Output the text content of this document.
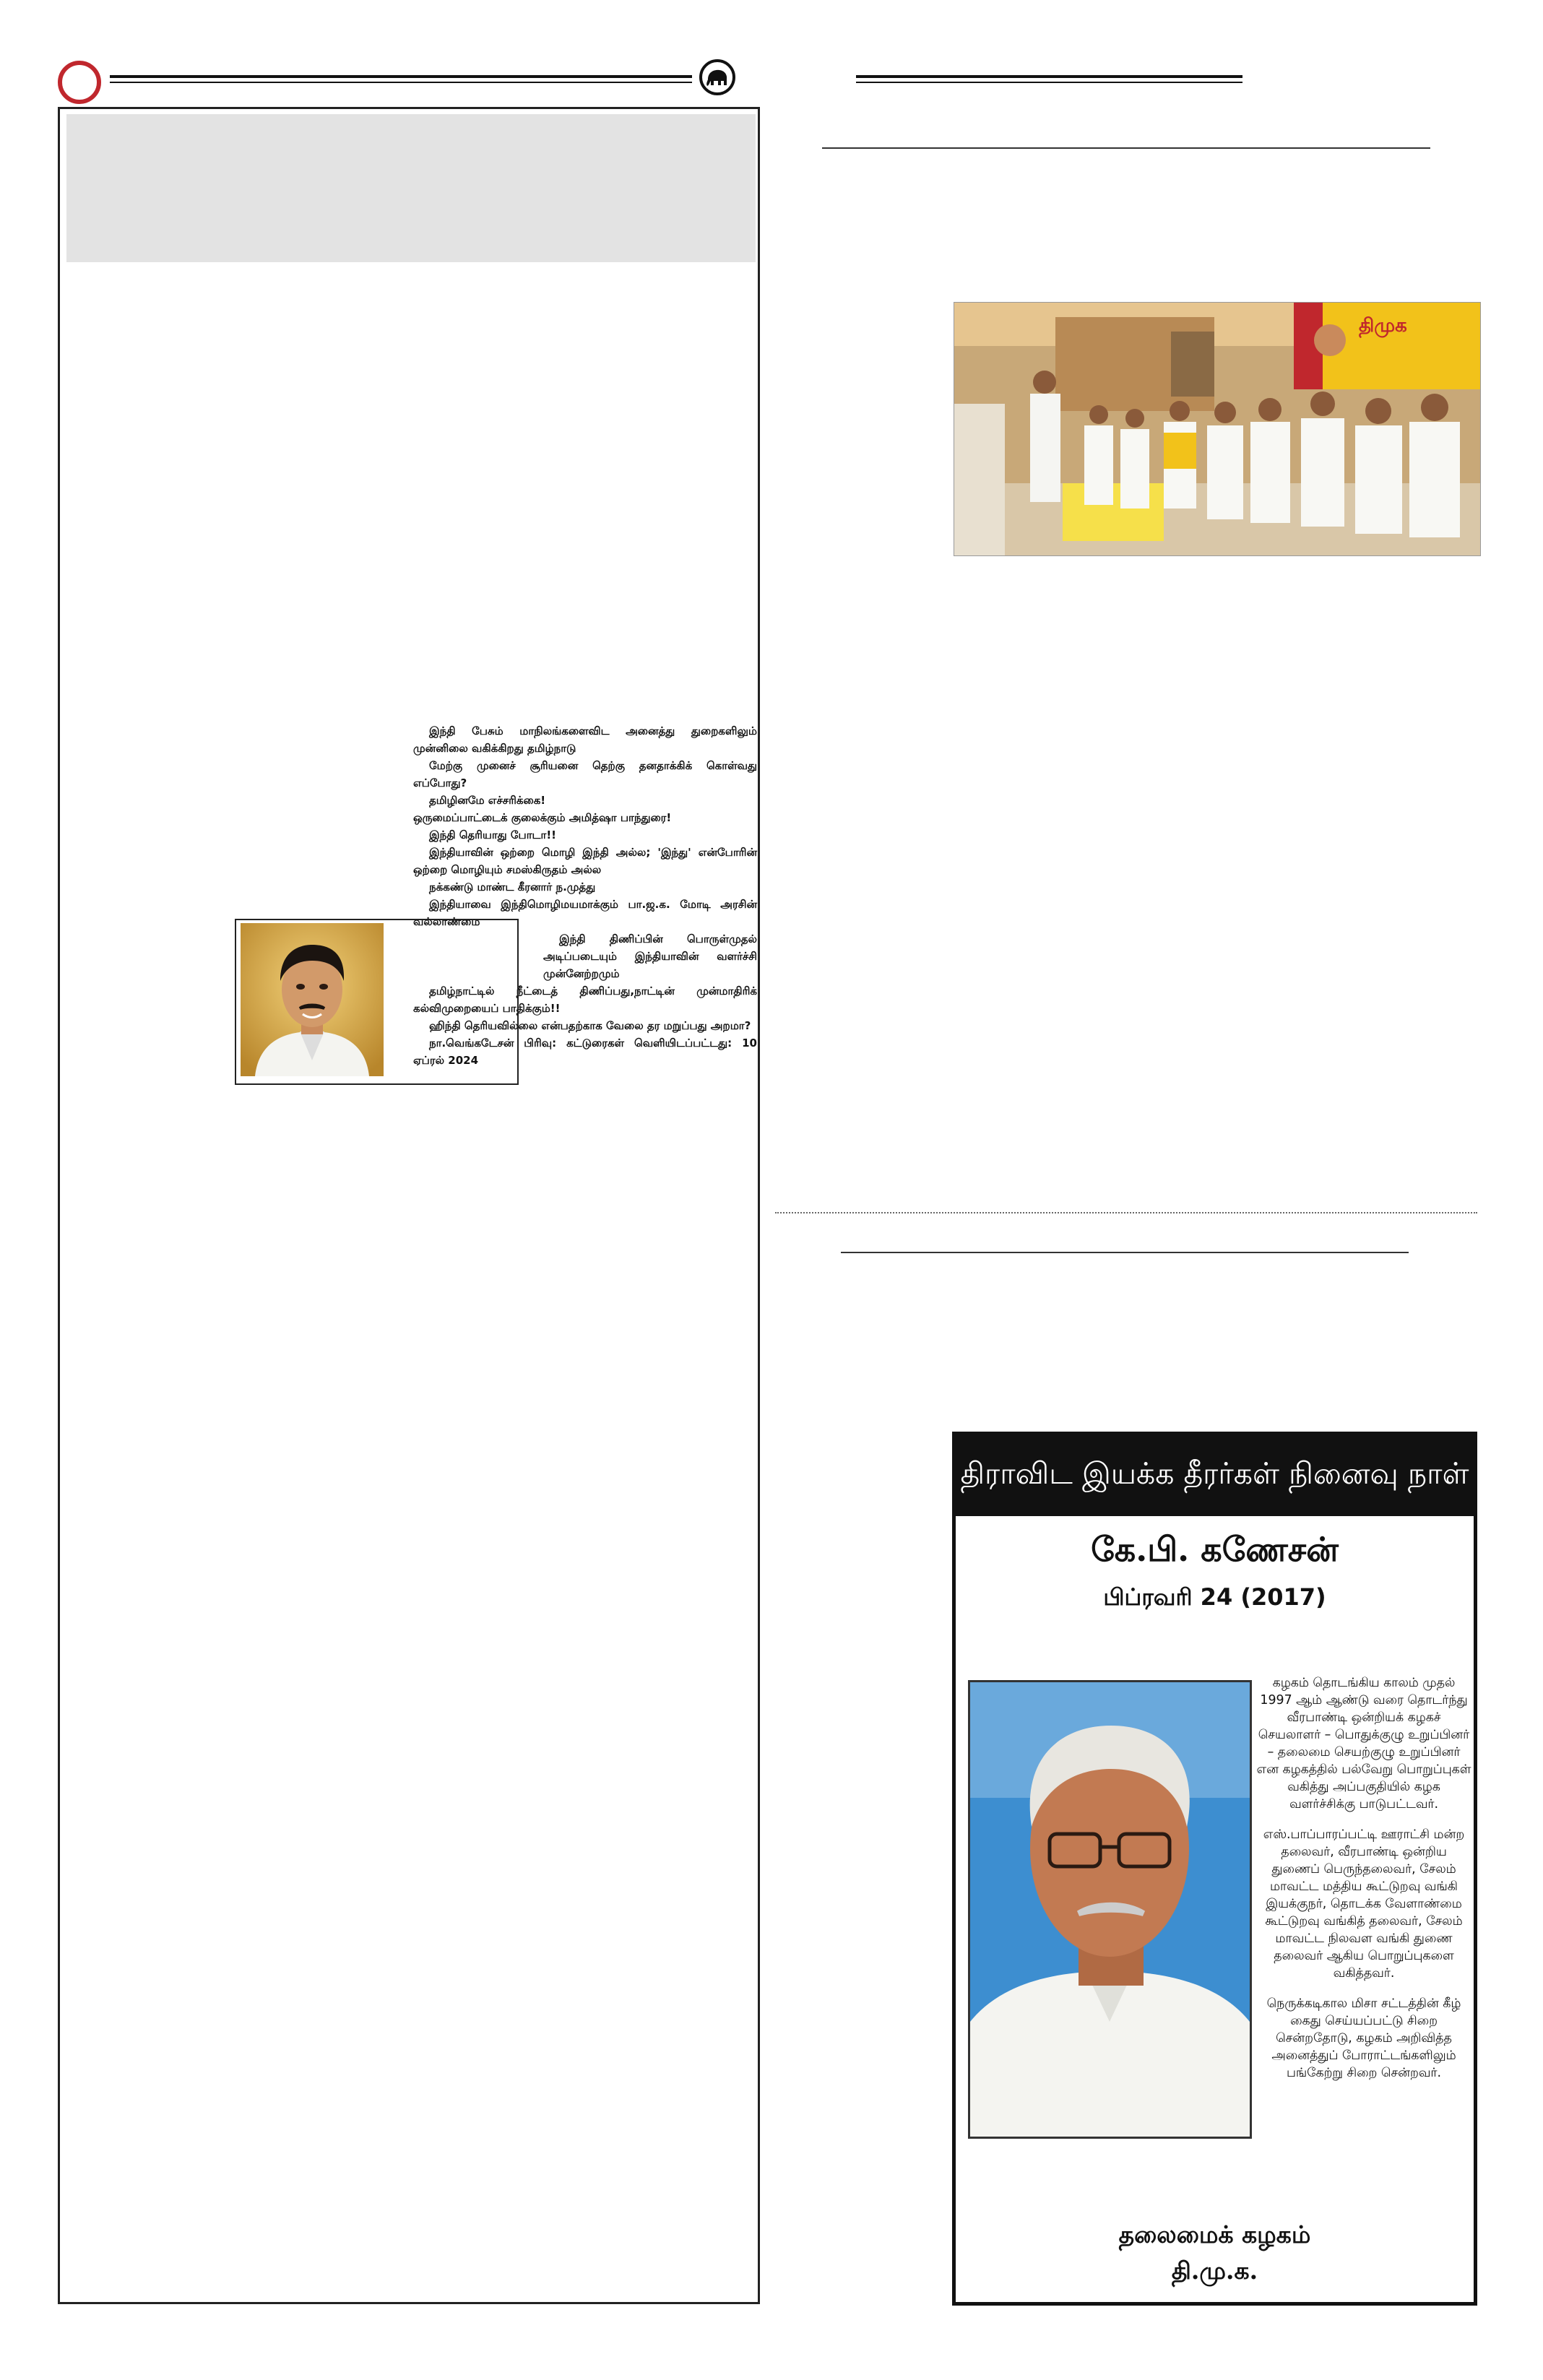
இந்தி பேசும் மாநிலங்களைவிட அனைத்து துறைகளிலும் முன்னிலை வகிக்கிறது தமிழ்நாடு

மேற்கு முனைச் சூரியனை தெற்கு தனதாக்கிக் கொள்வது எப்போது?

தமிழினமே எச்சரிக்கை!

ஒருமைப்பாட்டைக் குலைக்கும் அமித்ஷா பாந்துரை!

இந்தி தெரியாது போடா!!

இந்தியாவின் ஒற்றை மொழி இந்தி அல்ல; 'இந்து' என்போரின் ஒற்றை மொழியும் சமஸ்கிருதம் அல்ல

நக்கண்டு மாண்ட கீரனார் ந.முத்து

இந்தியாவை இந்திமொழிமயமாக்கும் பா.ஜ.க. மோடி அரசின் வல்லாண்மை

இந்தி திணிப்பின் பொருள்முதல் அடிப்படையும் இந்தியாவின் வளர்ச்சி முன்னேற்றமும்

தமிழ்நாட்டில் நீட்டைத் திணிப்பது,நாட்டின் முன்மாதிரிக் கல்விமுறையைப் பாதிக்கும்!!

ஹிந்தி தெரியவில்லை என்பதற்காக வேலை தர மறுப்பது அறமா?

நா.வெங்கடேசன் பிரிவு: கட்டுரைகள் வெளியிடப்பட்டது: 10 ஏப்ரல் 2024

திமுக
திராவிட இயக்க தீரர்கள் நினைவு நாள்
கே.பி. கணேசன்
பிப்ரவரி 24 (2017)

கழகம் தொடங்கிய காலம் முதல் 1997 ஆம் ஆண்டு வரை தொடர்ந்து வீரபாண்டி ஒன்றியக் கழகச் செயலாளர் – பொதுக்குழு உறுப்பினர் – தலைமை செயற்குழு உறுப்பினர் என கழகத்தில் பல்வேறு பொறுப்புகள் வகித்து அப்பகுதியில் கழக வளர்ச்சிக்கு பாடுபட்டவர்.

எஸ்.பாப்பாரப்பட்டி ஊராட்சி மன்ற தலைவர், வீரபாண்டி ஒன்றிய துணைப் பெருந்தலைவர், சேலம் மாவட்ட மத்திய கூட்டுறவு வங்கி இயக்குநர், தொடக்க வேளாண்மை கூட்டுறவு வங்கித் தலைவர், சேலம் மாவட்ட நிலவள வங்கி துணை தலைவர் ஆகிய பொறுப்புகளை வகித்தவர்.

நெருக்கடிகால மிசா சட்டத்தின் கீழ் கைது செய்யப்பட்டு சிறை சென்றதோடு, கழகம் அறிவித்த அனைத்துப் போராட்டங்களிலும் பங்கேற்று சிறை சென்றவர்.

தலைமைக் கழகம்
தி.மு.க.
